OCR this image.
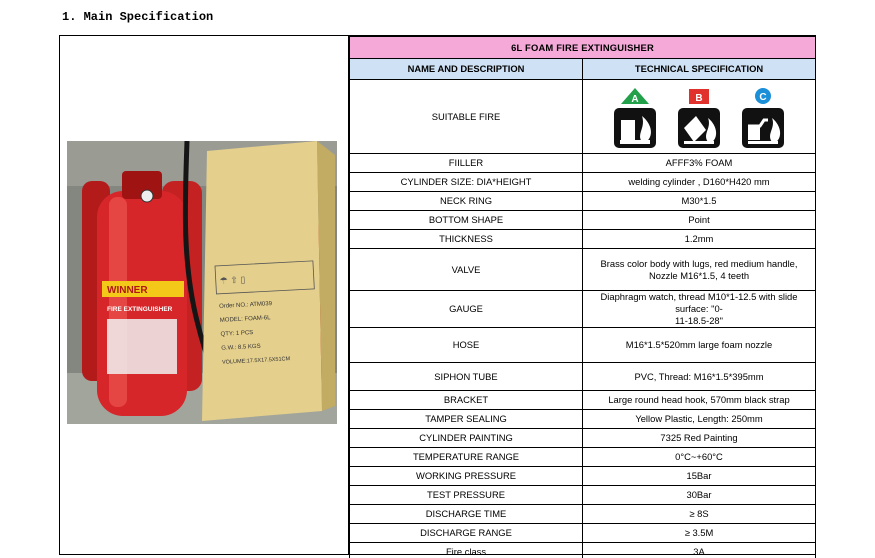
1. Main Specification
WINNER
FIRE EXTINGUISHER
☂ ⇧ ▯
Order NO.: ATM039
MODEL: FOAM-6L
QTY: 1 PCS
G.W.: 8.5 KGS
VOLUME:17.5X17.5X51CM
6L FOAM FIRE EXTINGUISHER	
NAME AND DESCRIPTION	TECHNICAL SPECIFICATION
SUITABLE FIRE	A B C

FIILLER	AFFF3% FOAM
CYLINDER SIZE: DIA*HEIGHT	welding cylinder , D160*H420 mm
NECK RING	M30*1.5
BOTTOM SHAPE	Point
THICKNESS	1.2mm
VALVE	Brass color body with lugs, red medium handle,
Nozzle M16*1.5, 4 teeth
GAUGE	Diaphragm watch, thread M10*1-12.5 with slide surface: "0-
11-18.5-28"
HOSE	M16*1.5*520mm large foam nozzle
SIPHON TUBE	PVC, Thread: M16*1.5*395mm
BRACKET	Large round head hook, 570mm black strap
TAMPER SEALING	Yellow Plastic, Length: 250mm
CYLINDER PAINTING	7325 Red Painting
TEMPERATURE RANGE	0°C~+60°C
WORKING PRESSURE	15Bar
TEST PRESSURE	30Bar
DISCHARGE TIME	≥ 8S
DISCHARGE RANGE	≥ 3.5M
Fire class	3A
